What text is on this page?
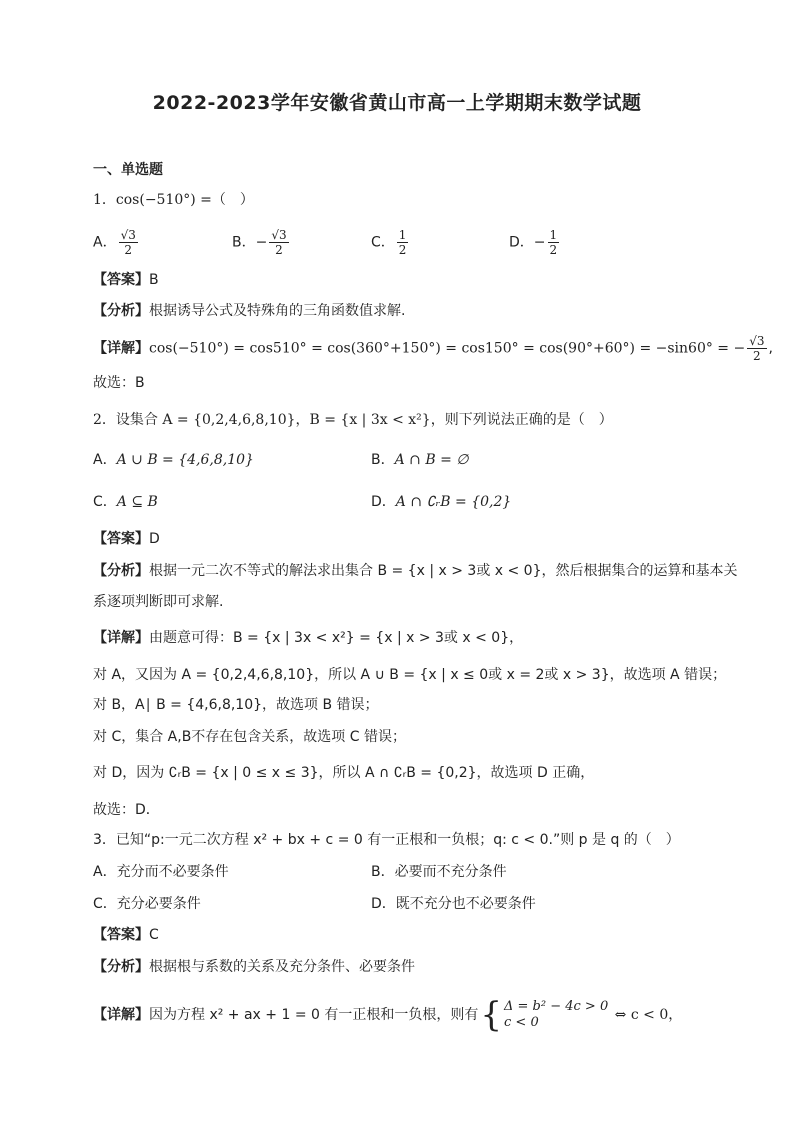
2022-2023学年安徽省黄山市高一上学期期末数学试题
一、单选题
1．cos(−510°) =（　）
A． $\frac{√3}{2}$	B．− $\frac{√3}{2}$	C． $\frac{1}{2}$	D．− $\frac{1}{2}$
【答案】B
【分析】根据诱导公式及特殊角的三角函数值求解.
【详解】cos(−510°) = cos510° = cos(360°+150°) = cos150° = cos(90°+60°) = −sin60° = − $\frac{√3}{2}$ ,
故选：B
2．设集合 A = {0,2,4,6,8,10}，B = {x | 3x < x²}，则下列说法正确的是（　）
A．A ∪ B = {4,6,8,10}	B．A ∩ B = ∅
C．A ⊆ B	D．A ∩ ∁ᵣB = {0,2}
【答案】D
【分析】根据一元二次不等式的解法求出集合 B = {x | x > 3或 x < 0}，然后根据集合的运算和基本关
系逐项判断即可求解.
【详解】由题意可得：B = {x | 3x < x²} = {x | x > 3或 x < 0}，
对 A，又因为 A = {0,2,4,6,8,10}，所以 A ∪ B = {x | x ≤ 0或 x = 2或 x > 3}，故选项 A 错误；
对 B，A∣ B = {4,6,8,10}，故选项 B 错误；
对 C，集合 A,B不存在包含关系，故选项 C 错误；
对 D，因为 ∁ᵣB = {x | 0 ≤ x ≤ 3}，所以 A ∩ ∁ᵣB = {0,2}，故选项 D 正确，
故选：D．
3．已知“p:一元二次方程 x² + bx + c = 0 有一正根和一负根；q: c < 0.”则 p 是 q 的（　）
A．充分而不必要条件	B．必要而不充分条件
C．充分必要条件	D．既不充分也不必要条件
【答案】C
【分析】根据根与系数的关系及充分条件、必要条件
【详解】因为方程 x² + ax + 1 = 0 有一正根和一负根，则有 { Δ = b² − 4c > 0
c < 0	⇔ c < 0，
